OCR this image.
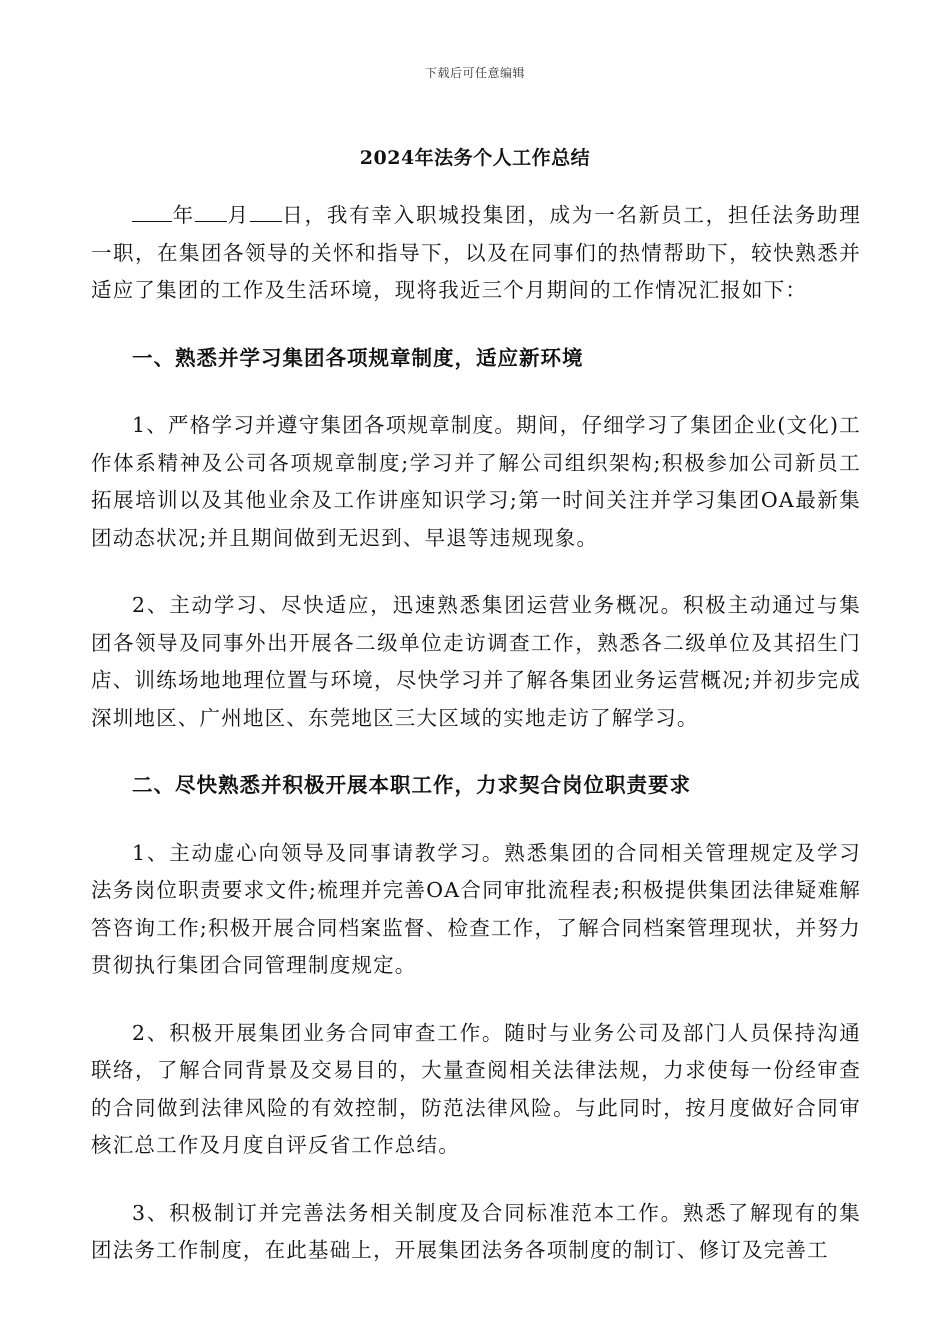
下载后可任意编辑
2024年法务个人工作总结

年 月 日，我有幸入职城投集团，成为一名新员工，担任法务助理一职，在集团各领导的关怀和指导下，以及在同事们的热情帮助下，较快熟悉并适应了集团的工作及生活环境，现将我近三个月期间的工作情况汇报如下：

一、熟悉并学习集团各项规章制度，适应新环境

1、严格学习并遵守集团各项规章制度。期间，仔细学习了集团企业(文化)工作体系精神及公司各项规章制度;学习并了解公司组织架构;积极参加公司新员工拓展培训以及其他业余及工作讲座知识学习;第一时间关注并学习集团OA最新集团动态状况;并且期间做到无迟到、早退等违规现象。

2、主动学习、尽快适应，迅速熟悉集团运营业务概况。积极主动通过与集团各领导及同事外出开展各二级单位走访调查工作，熟悉各二级单位及其招生门店、训练场地地理位置与环境，尽快学习并了解各集团业务运营概况;并初步完成深圳地区、广州地区、东莞地区三大区域的实地走访了解学习。

二、尽快熟悉并积极开展本职工作，力求契合岗位职责要求

1、主动虚心向领导及同事请教学习。熟悉集团的合同相关管理规定及学习法务岗位职责要求文件;梳理并完善OA合同审批流程表;积极提供集团法律疑难解答咨询工作;积极开展合同档案监督、检查工作，了解合同档案管理现状，并努力贯彻执行集团合同管理制度规定。

2、积极开展集团业务合同审查工作。随时与业务公司及部门人员保持沟通联络，了解合同背景及交易目的，大量查阅相关法律法规，力求使每一份经审查的合同做到法律风险的有效控制，防范法律风险。与此同时，按月度做好合同审核汇总工作及月度自评反省工作总结。

3、积极制订并完善法务相关制度及合同标准范本工作。熟悉了解现有的集团法务工作制度，在此基础上，开展集团法务各项制度的制订、修订及完善工
